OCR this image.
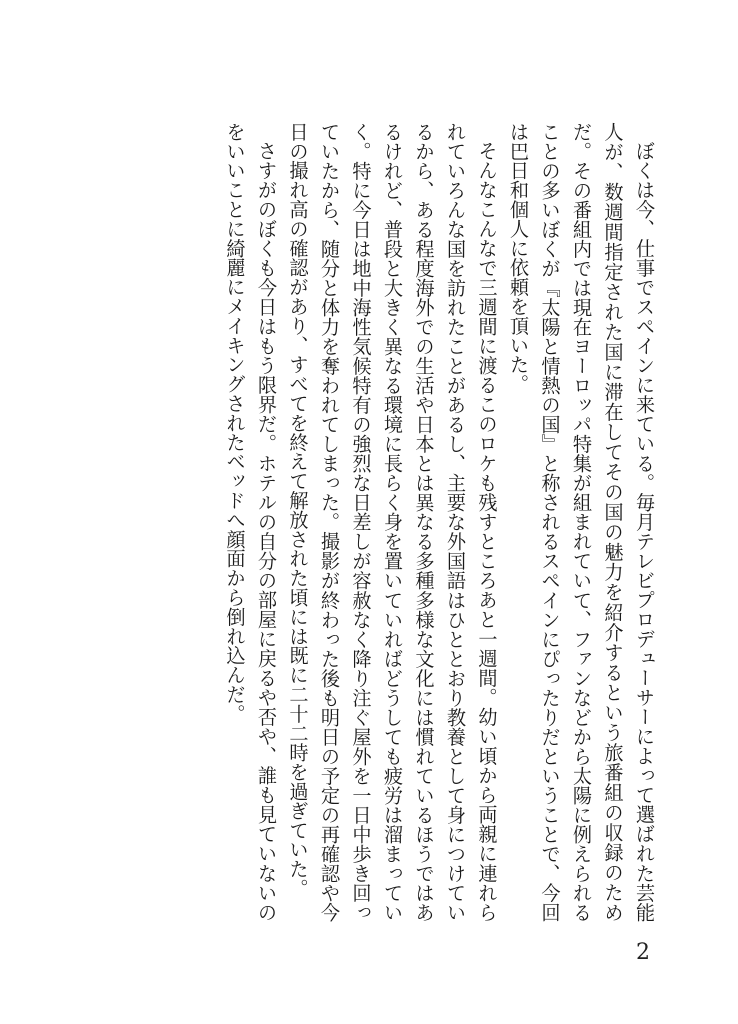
ぼくは今、仕事でスペインに来ている。毎月テレビプロデューサーによって選ばれた芸能人が、数週間指定された国に滞在してその国の魅力を紹介するという旅番組の収録のためだ。その番組内では現在ヨーロッパ特集が組まれていて、ファンなどから太陽に例えられることの多いぼくが『太陽と情熱の国』と称されるスペインにぴったりだということで、今回は巴日和個人に依頼を頂いた。

そんなこんなで三週間に渡るこのロケも残すところあと一週間。幼い頃から両親に連れられていろんな国を訪れたことがあるし、主要な外国語はひととおり教養として身につけているから、ある程度海外での生活や日本とは異なる多種多様な文化には慣れているほうではあるけれど、普段と大きく異なる環境に長らく身を置いていればどうしても疲労は溜まっていく。特に今日は地中海性気候特有の強烈な日差しが容赦なく降り注ぐ屋外を一日中歩き回っていたから、随分と体力を奪われてしまった。撮影が終わった後も明日の予定の再確認や今日の撮れ高の確認があり、すべてを終えて解放された頃には既に二十二時を過ぎていた。

さすがのぼくも今日はもう限界だ。ホテルの自分の部屋に戻るや否や、誰も見ていないのをいいことに綺麗にメイキングされたベッドへ顔面から倒れ込んだ。

2
